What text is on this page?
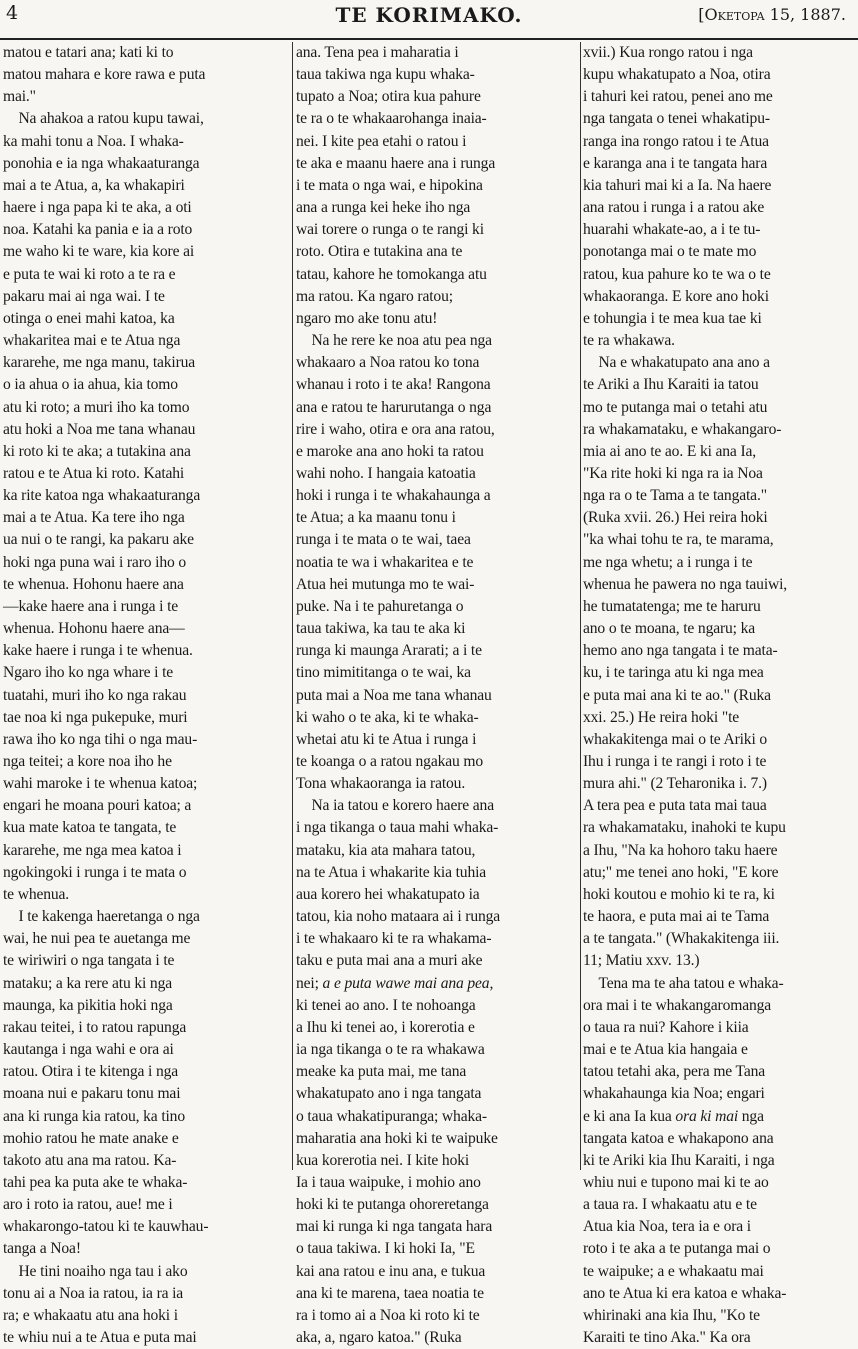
4	TE KORIMAKO.	[Oketopa 15, 1887.
matou e tatari ana; kati ki to
matou mahara e kore rawa e puta
mai."
 Na ahakoa a ratou kupu tawai,
ka mahi tonu a Noa. I whaka-
ponohia e ia nga whakaaturanga
mai a te Atua, a, ka whakapiri
haere i nga papa ki te aka, a oti
noa. Katahi ka pania e ia a roto
me waho ki te ware, kia kore ai
e puta te wai ki roto a te ra e
pakaru mai ai nga wai. I te
otinga o enei mahi katoa, ka
whakaritea mai e te Atua nga
kararehe, me nga manu, takirua
o ia ahua o ia ahua, kia tomo
atu ki roto; a muri iho ka tomo
atu hoki a Noa me tana whanau
ki roto ki te aka; a tutakina ana
ratou e te Atua ki roto. Katahi
ka rite katoa nga whakaaturanga
mai a te Atua. Ka tere iho nga
ua nui o te rangi, ka pakaru ake
hoki nga puna wai i raro iho o
te whenua. Hohonu haere ana
—kake haere ana i runga i te
whenua. Hohonu haere ana—
kake haere i runga i te whenua.
Ngaro iho ko nga whare i te
tuatahi, muri iho ko nga rakau
tae noa ki nga pukepuke, muri
rawa iho ko nga tihi o nga mau-
nga teitei; a kore noa iho he
wahi maroke i te whenua katoa;
engari he moana pouri katoa; a
kua mate katoa te tangata, te
kararehe, me nga mea katoa i
ngokingoki i runga i te mata o
te whenua.
 I te kakenga haeretanga o nga
wai, he nui pea te auetanga me
te wiriwiri o nga tangata i te
mataku; a ka rere atu ki nga
maunga, ka pikitia hoki nga
rakau teitei, i to ratou rapunga
kautanga i nga wahi e ora ai
ratou. Otira i te kitenga i nga
moana nui e pakaru tonu mai
ana ki runga kia ratou, ka tino
mohio ratou he mate anake e
takoto atu ana ma ratou. Ka-
tahi pea ka puta ake te whaka-
aro i roto ia ratou, aue! me i
whakarongo-tatou ki te kauwhau-
tanga a Noa!
 He tini noaiho nga tau i ako
tonu ai a Noa ia ratou, ia ra ia
ra; e whakaatu atu ana hoki i
te whiu nui a te Atua e puta mai
ana. Tena pea i maharatia i
taua takiwa nga kupu whaka-
tupato a Noa; otira kua pahure
te ra o te whakaarohanga inaia-
nei. I kite pea etahi o ratou i
te aka e maanu haere ana i runga
i te mata o nga wai, e hipokina
ana a runga kei heke iho nga
wai torere o runga o te rangi ki
roto. Otira e tutakina ana te
tatau, kahore he tomokanga atu
ma ratou. Ka ngaro ratou;
ngaro mo ake tonu atu!
 Na he rere ke noa atu pea nga
whakaaro a Noa ratou ko tona
whanau i roto i te aka! Rangona
ana e ratou te harurutanga o nga
rire i waho, otira e ora ana ratou,
e maroke ana ano hoki ta ratou
wahi noho. I hangaia katoatia
hoki i runga i te whakahaunga a
te Atua; a ka maanu tonu i
runga i te mata o te wai, taea
noatia te wa i whakaritea e te
Atua hei mutunga mo te wai-
puke. Na i te pahuretanga o
taua takiwa, ka tau te aka ki
runga ki maunga Ararati; a i te
tino mimititanga o te wai, ka
puta mai a Noa me tana whanau
ki waho o te aka, ki te whaka-
whetai atu ki te Atua i runga i
te koanga o a ratou ngakau mo
Tona whakaoranga ia ratou.
 Na ia tatou e korero haere ana
i nga tikanga o taua mahi whaka-
mataku, kia ata mahara tatou,
na te Atua i whakarite kia tuhia
aua korero hei whakatupato ia
tatou, kia noho mataara ai i runga
i te whakaaro ki te ra whakama-
taku e puta mai ana a muri ake
nei; a e puta wawe mai ana pea,
ki tenei ao ano. I te nohoanga
a Ihu ki tenei ao, i korerotia e
ia nga tikanga o te ra whakawa
meake ka puta mai, me tana
whakatupato ano i nga tangata
o taua whakatipuranga; whaka-
maharatia ana hoki ki te waipuke
kua korerotia nei. I kite hoki
Ia i taua waipuke, i mohio ano
hoki ki te putanga ohoreretanga
mai ki runga ki nga tangata hara
o taua takiwa. I ki hoki Ia, "E
kai ana ratou e inu ana, e tukua
ana ki te marena, taea noatia te
ra i tomo ai a Noa ki roto ki te
aka, a, ngaro katoa." (Ruka
xvii.) Kua rongo ratou i nga
kupu whakatupato a Noa, otira
i tahuri kei ratou, penei ano me
nga tangata o tenei whakatipu-
ranga ina rongo ratou i te Atua
e karanga ana i te tangata hara
kia tahuri mai ki a Ia. Na haere
ana ratou i runga i a ratou ake
huarahi whakate-ao, a i te tu-
ponotanga mai o te mate mo
ratou, kua pahure ko te wa o te
whakaoranga. E kore ano hoki
e tohungia i te mea kua tae ki
te ra whakawa.
 Na e whakatupato ana ano a
te Ariki a Ihu Karaiti ia tatou
mo te putanga mai o tetahi atu
ra whakamataku, e whakangaro-
mia ai ano te ao. E ki ana Ia,
"Ka rite hoki ki nga ra ia Noa
nga ra o te Tama a te tangata."
(Ruka xvii. 26.) Hei reira hoki
"ka whai tohu te ra, te marama,
me nga whetu; a i runga i te
whenua he pawera no nga tauiwi,
he tumatatenga; me te haruru
ano o te moana, te ngaru; ka
hemo ano nga tangata i te mata-
ku, i te taringa atu ki nga mea
e puta mai ana ki te ao." (Ruka
xxi. 25.) He reira hoki "te
whakakitenga mai o te Ariki o
Ihu i runga i te rangi i roto i te
mura ahi." (2 Teharonika i. 7.)
A tera pea e puta tata mai taua
ra whakamataku, inahoki te kupu
a Ihu, "Na ka hohoro taku haere
atu;" me tenei ano hoki, "E kore
hoki koutou e mohio ki te ra, ki
te haora, e puta mai ai te Tama
a te tangata." (Whakakitenga iii.
11; Matiu xxv. 13.)
 Tena ma te aha tatou e whaka-
ora mai i te whakangaromanga
o taua ra nui? Kahore i kiia
mai e te Atua kia hangaia e
tatou tetahi aka, pera me Tana
whakahaunga kia Noa; engari
e ki ana Ia kua ora ki mai nga
tangata katoa e whakapono ana
ki te Ariki kia Ihu Karaiti, i nga
whiu nui e tupono mai ki te ao
a taua ra. I whakaatu atu e te
Atua kia Noa, tera ia e ora i
roto i te aka a te putanga mai o
te waipuke; a e whakaatu mai
ano te Atua ki era katoa e whaka-
whirinaki ana kia Ihu, "Ko te
Karaiti te tino Aka." Ka ora
